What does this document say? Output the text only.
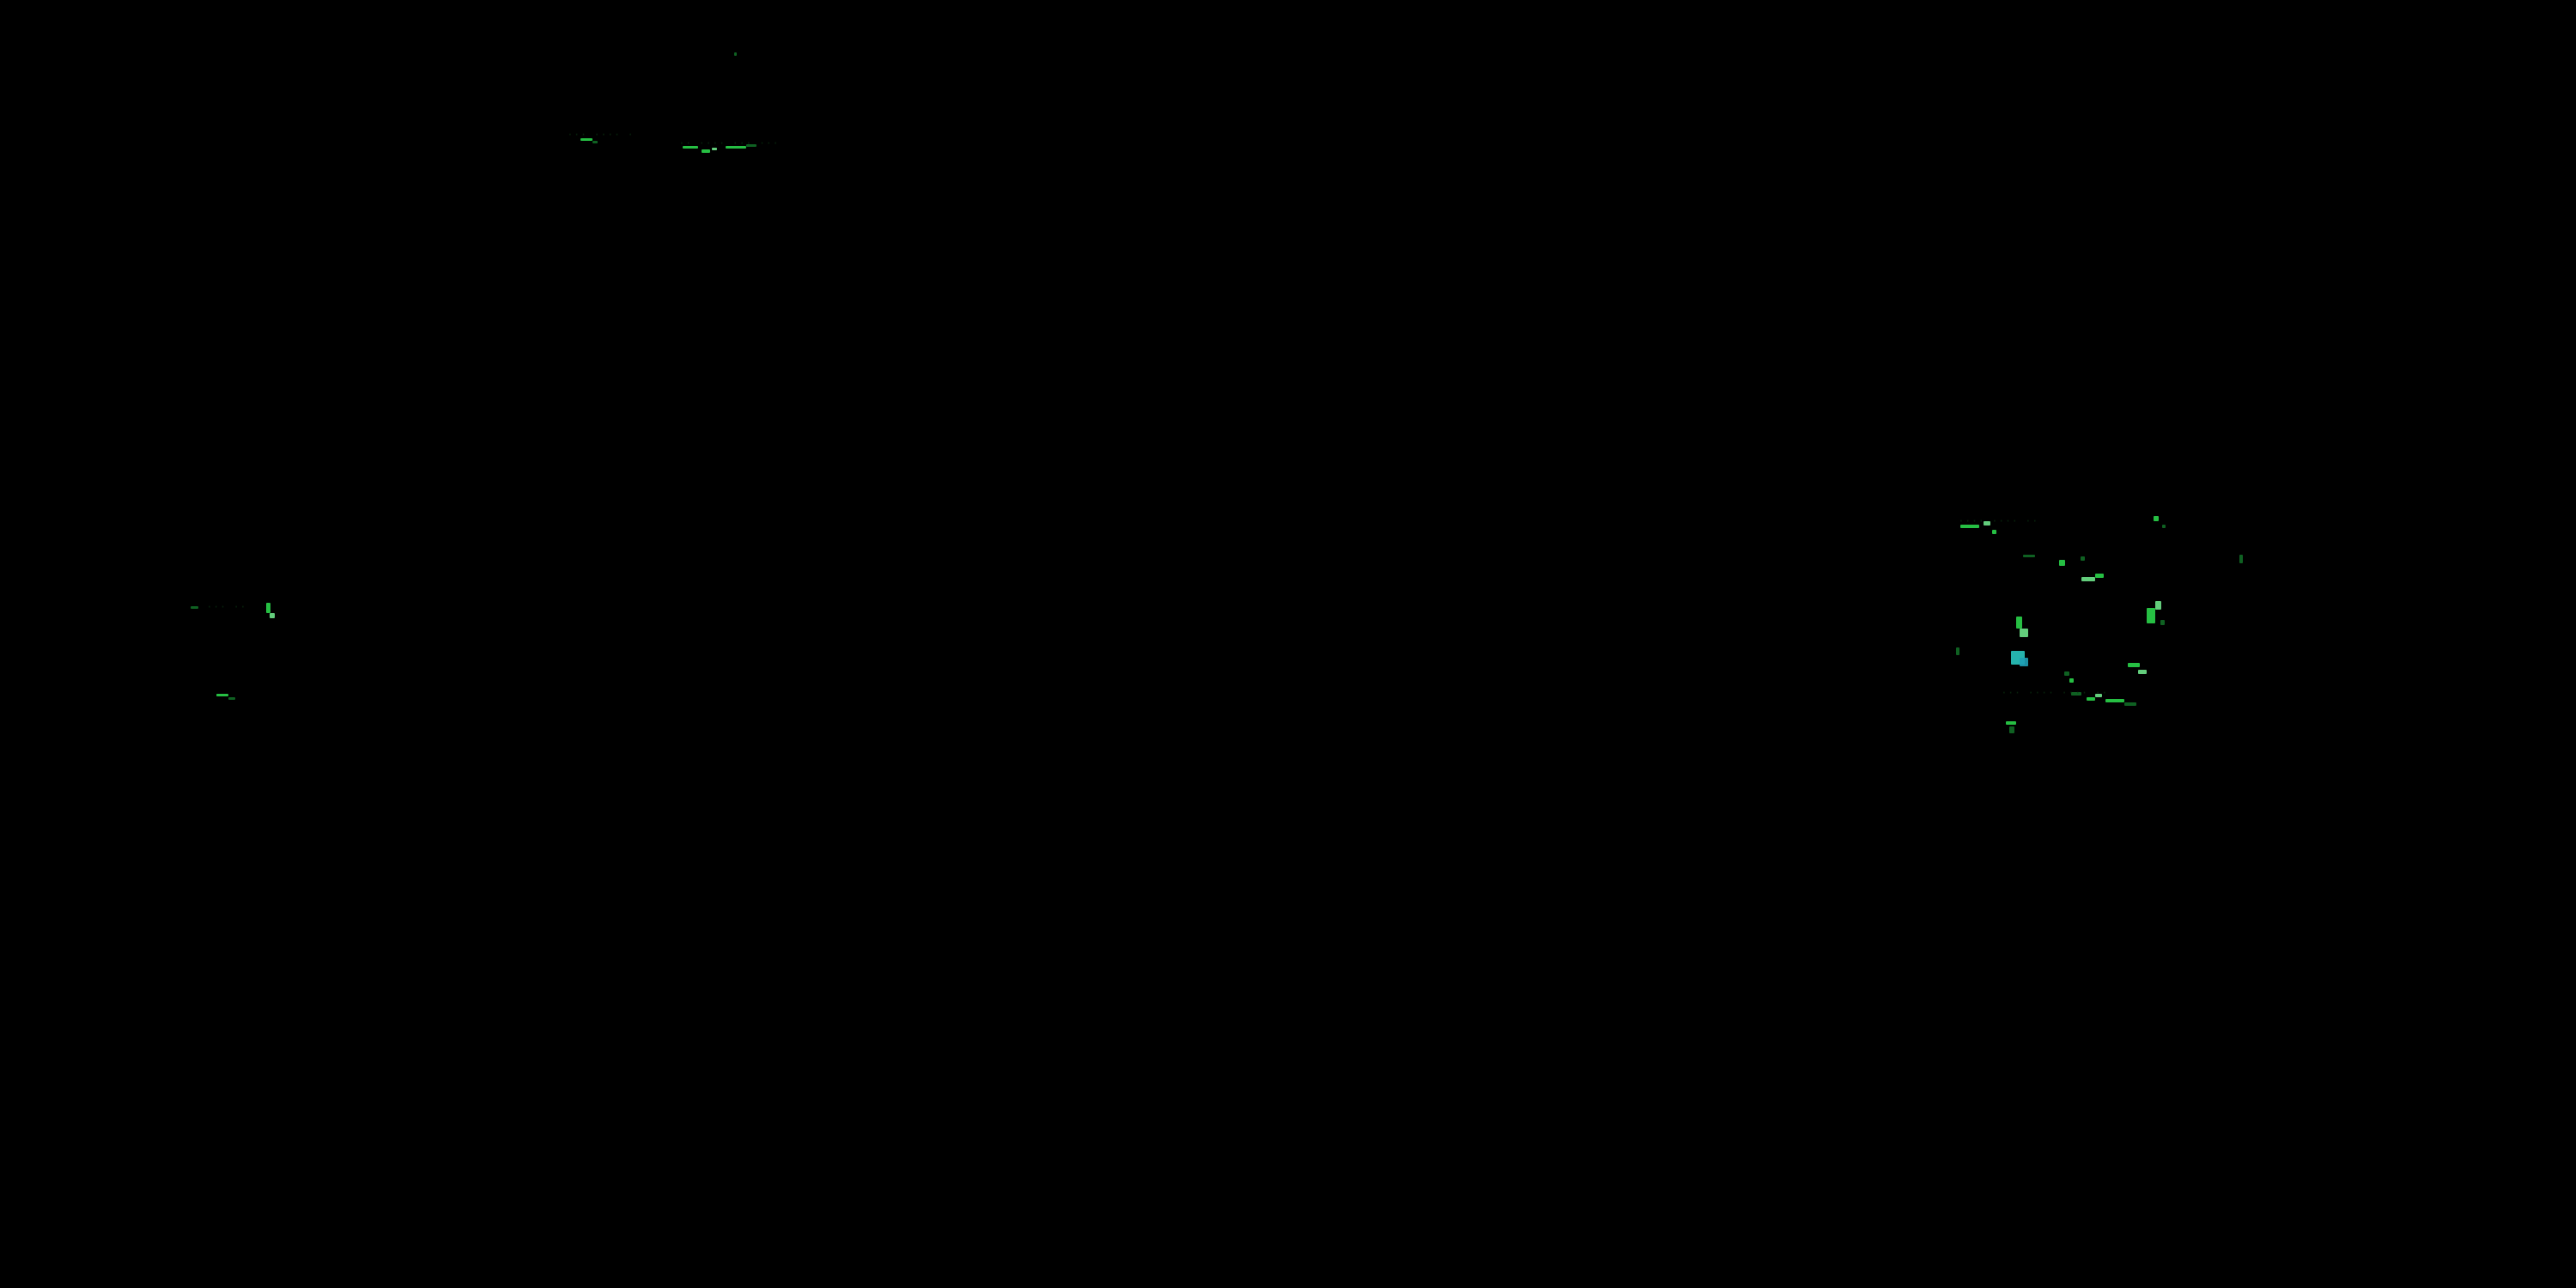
··· ···· ·
·· ···· ··· ···
··· ··
···· ···· ··
··· ···· ···· ··
